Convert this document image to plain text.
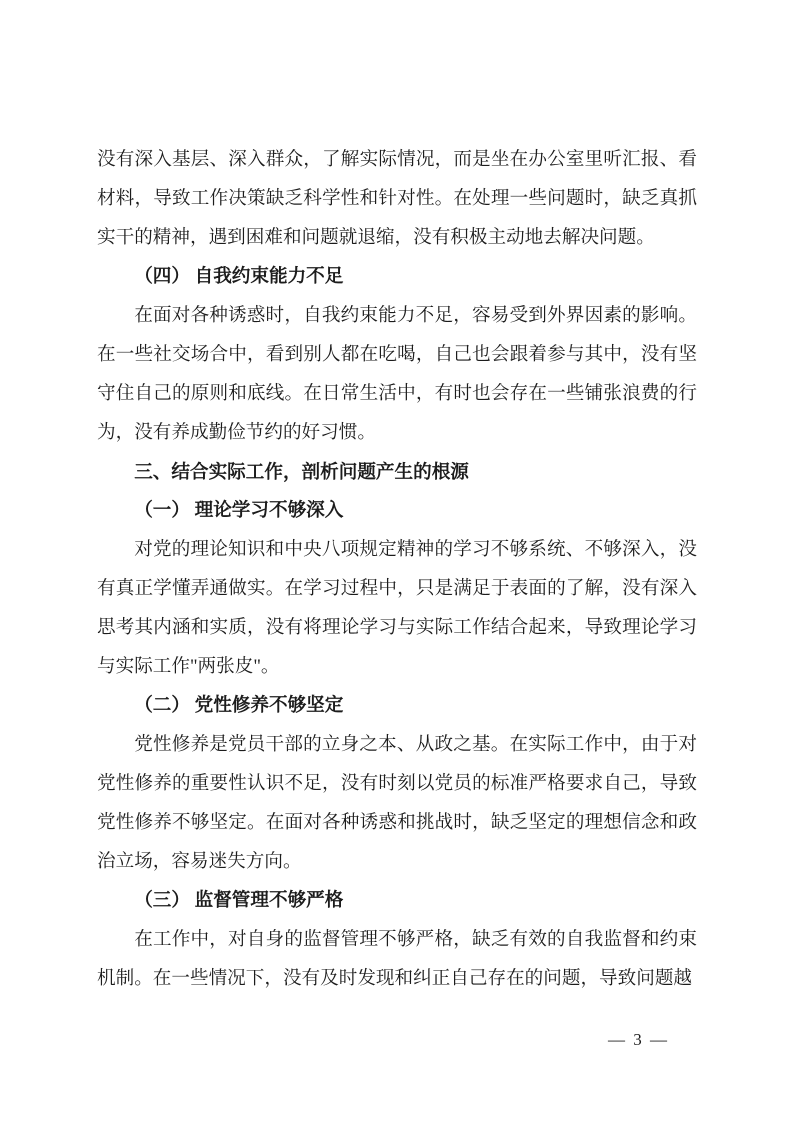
没有深入基层、深入群众，了解实际情况，而是坐在办公室里听汇报、看材料，导致工作决策缺乏科学性和针对性。在处理一些问题时，缺乏真抓实干的精神，遇到困难和问题就退缩，没有积极主动地去解决问题。

（四） 自我约束能力不足

在面对各种诱惑时，自我约束能力不足，容易受到外界因素的影响。在一些社交场合中，看到别人都在吃喝，自己也会跟着参与其中，没有坚守住自己的原则和底线。在日常生活中，有时也会存在一些铺张浪费的行为，没有养成勤俭节约的好习惯。

三、结合实际工作，剖析问题产生的根源
（一） 理论学习不够深入

对党的理论知识和中央八项规定精神的学习不够系统、不够深入，没有真正学懂弄通做实。在学习过程中，只是满足于表面的了解，没有深入思考其内涵和实质，没有将理论学习与实际工作结合起来，导致理论学习与实际工作"两张皮"。

（二） 党性修养不够坚定

党性修养是党员干部的立身之本、从政之基。在实际工作中，由于对党性修养的重要性认识不足，没有时刻以党员的标准严格要求自己，导致党性修养不够坚定。在面对各种诱惑和挑战时，缺乏坚定的理想信念和政治立场，容易迷失方向。

（三） 监督管理不够严格

在工作中，对自身的监督管理不够严格，缺乏有效的自我监督和约束机制。在一些情况下，没有及时发现和纠正自己存在的问题，导致问题越

— 3 —
